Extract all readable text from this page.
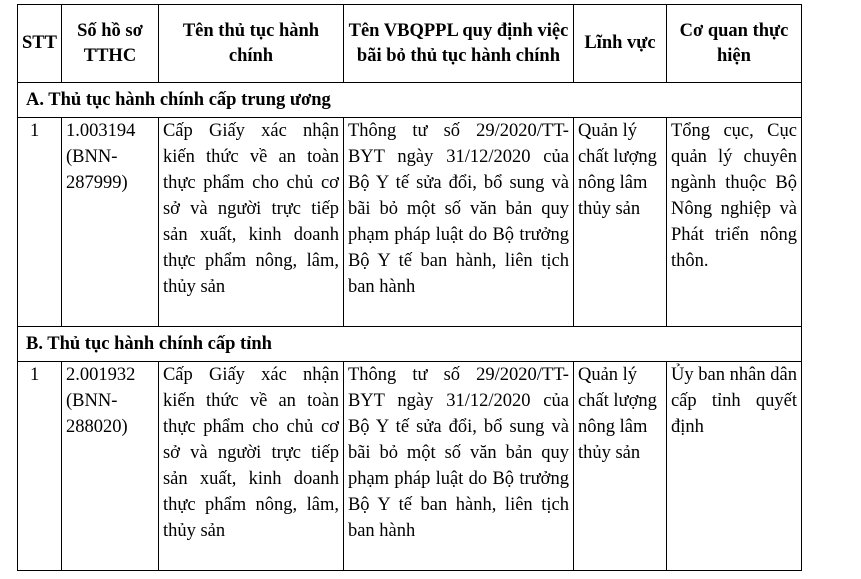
STT	Số hồ sơ TTHC	Tên thủ tục hành chính	Tên VBQPPL quy định việc bãi bỏ thủ tục hành chính	Lĩnh vực	Cơ quan thực hiện
A. Thủ tục hành chính cấp trung ương					
1	1.003194 (BNN-287999)	Cấp Giấy xác nhận kiến thức về an toàn thực phẩm cho chủ cơ sở và người trực tiếp sản xuất, kinh doanh thực phẩm nông, lâm, thủy sản	Thông tư số 29/2020/TT-BYT ngày 31/12/2020 của Bộ Y tế sửa đổi, bổ sung và bãi bỏ một số văn bản quy phạm pháp luật do Bộ trưởng Bộ Y tế ban hành, liên tịch ban hành	Quản lý chất lượng nông lâm thủy sản	Tổng cục, Cục quản lý chuyên ngành thuộc Bộ Nông nghiệp và Phát triển nông thôn.
B. Thủ tục hành chính cấp tỉnh					
1	2.001932 (BNN-288020)	Cấp Giấy xác nhận kiến thức về an toàn thực phẩm cho chủ cơ sở và người trực tiếp sản xuất, kinh doanh thực phẩm nông, lâm, thủy sản	Thông tư số 29/2020/TT-BYT ngày 31/12/2020 của Bộ Y tế sửa đổi, bổ sung và bãi bỏ một số văn bản quy phạm pháp luật do Bộ trưởng Bộ Y tế ban hành, liên tịch ban hành	Quản lý chất lượng nông lâm thủy sản	Ủy ban nhân dân cấp tỉnh quyết định
